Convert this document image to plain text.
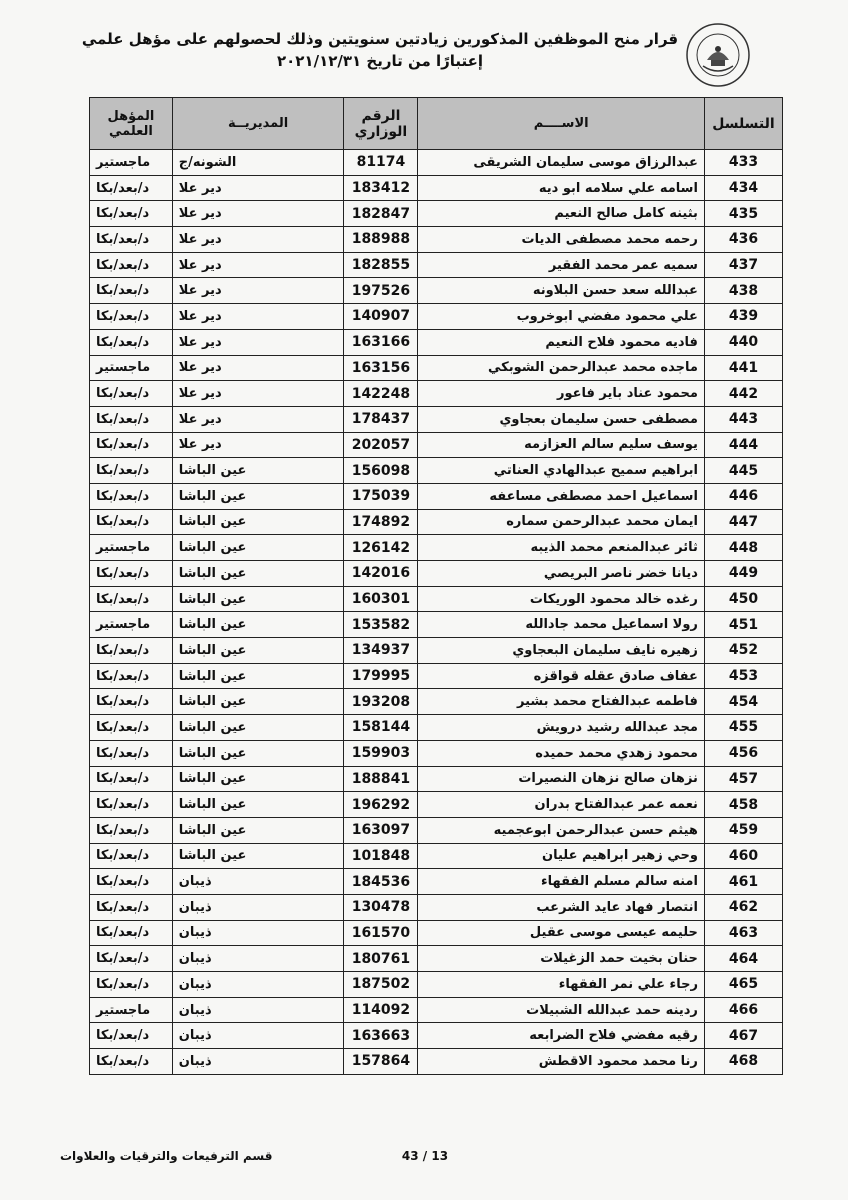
قرار منح الموظفين المذكورين زيادتين سنويتين وذلك لحصولهم على مؤهل علمي
إعتبارًا من تاريخ ٢٠٢١/١٢/٣١
التسلسل	الاســــم	الرقم الوزاري	المديريــة	المؤهل العلمي
433	عبدالرزاق موسى سليمان الشريقى	81174	الشونه/ج	ماجستير
434	اسامه علي سلامه ابو ديه	183412	دير علا	د/بعد/بكا
435	بثينه كامل صالح النعيم	182847	دير علا	د/بعد/بكا
436	رحمه محمد مصطفى الديات	188988	دير علا	د/بعد/بكا
437	سميه عمر محمد الفقير	182855	دير علا	د/بعد/بكا
438	عبدالله سعد حسن البلاونه	197526	دير علا	د/بعد/بكا
439	علي محمود مفضي ابوخروب	140907	دير علا	د/بعد/بكا
440	فاديه محمود فلاح النعيم	163166	دير علا	د/بعد/بكا
441	ماجده محمد عبدالرحمن الشوبكي	163156	دير علا	ماجستير
442	محمود عناد باير فاعور	142248	دير علا	د/بعد/بكا
443	مصطفى حسن سليمان بعجاوي	178437	دير علا	د/بعد/بكا
444	يوسف سليم سالم العزازمه	202057	دير علا	د/بعد/بكا
445	ابراهيم سميح عبدالهادي العناتي	156098	عين الباشا	د/بعد/بكا
446	اسماعيل احمد مصطفى مساعفه	175039	عين الباشا	د/بعد/بكا
447	ايمان محمد عبدالرحمن سماره	174892	عين الباشا	د/بعد/بكا
448	ثائر عبدالمنعم محمد الذيبه	126142	عين الباشا	ماجستير
449	ديانا خضر ناصر البريصي	142016	عين الباشا	د/بعد/بكا
450	رغده خالد محمود الوريكات	160301	عين الباشا	د/بعد/بكا
451	رولا اسماعيل محمد جادالله	153582	عين الباشا	ماجستير
452	زهيره نايف سليمان البعجاوي	134937	عين الباشا	د/بعد/بكا
453	عفاف صادق عقله قواقزه	179995	عين الباشا	د/بعد/بكا
454	فاطمه عبدالفتاح محمد بشير	193208	عين الباشا	د/بعد/بكا
455	مجد عبدالله رشيد درويش	158144	عين الباشا	د/بعد/بكا
456	محمود زهدي محمد حميده	159903	عين الباشا	د/بعد/بكا
457	نزهان صالح نزهان النصيرات	188841	عين الباشا	د/بعد/بكا
458	نعمه عمر عبدالفتاح بدران	196292	عين الباشا	د/بعد/بكا
459	هيثم حسن عبدالرحمن ابوعجميه	163097	عين الباشا	د/بعد/بكا
460	وحي زهير ابراهيم عليان	101848	عين الباشا	د/بعد/بكا
461	امنه سالم مسلم الفقهاء	184536	ذيبان	د/بعد/بكا
462	انتصار فهاد عايد الشرعب	130478	ذيبان	د/بعد/بكا
463	حليمه عيسى موسى عقيل	161570	ذيبان	د/بعد/بكا
464	حنان بخيت حمد الزغيلات	180761	ذيبان	د/بعد/بكا
465	رجاء علي نمر الفقهاء	187502	ذيبان	د/بعد/بكا
466	ردينه حمد عبدالله الشبيلات	114092	ذيبان	ماجستير
467	رقيه مفضي فلاح الضرابعه	163663	ذيبان	د/بعد/بكا
468	رنا محمد محمود الاقطش	157864	ذيبان	د/بعد/بكا
43 / 13
قسم الترفيعات والترقيات والعلاوات
